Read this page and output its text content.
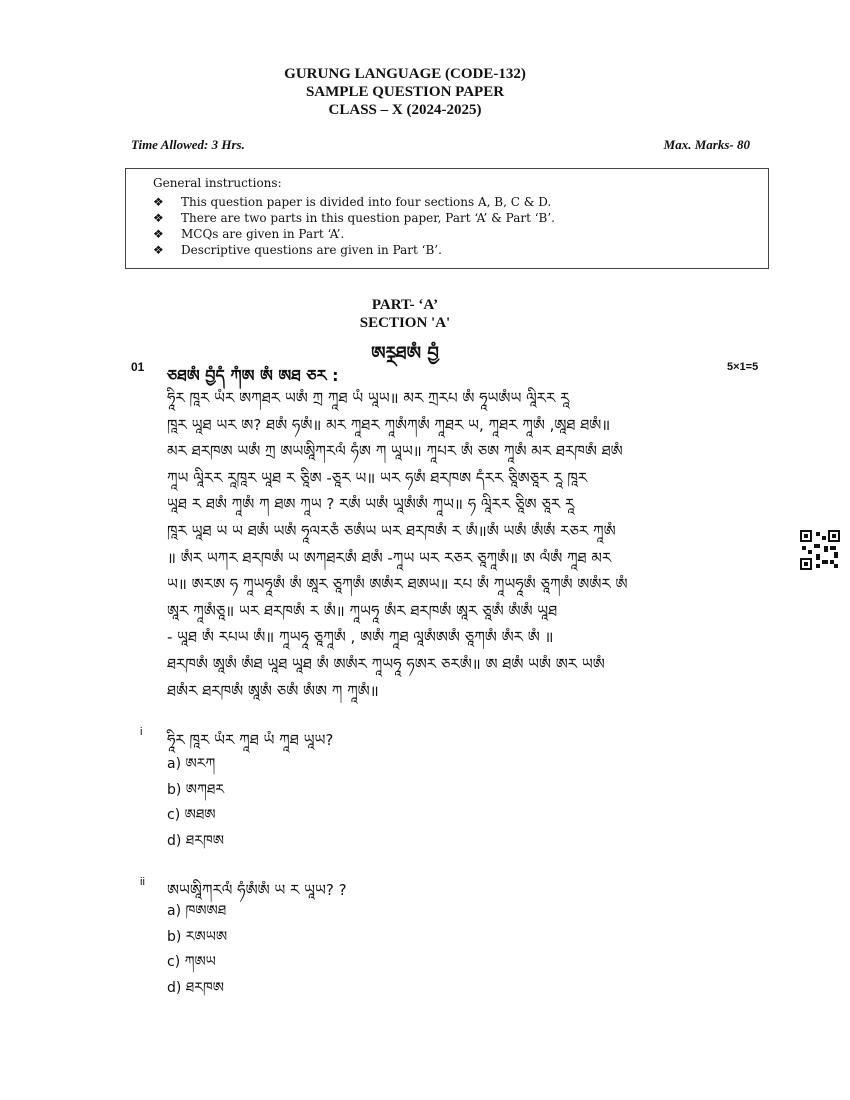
GURUNG LANGUAGE (CODE-132)
SAMPLE QUESTION PAPER
CLASS – X (2024-2025)
Time Allowed: 3 Hrs.	Max. Marks- 80
General instructions:
❖ This question paper is divided into four sections A, B, C & D.
❖ There are two parts in this question paper, Part ‘A’ & Part ‘B’.
❖ MCQs are given in Part ‘A’.
❖ Descriptive questions are given in Part ‘B’.
PART- ‘A’
SECTION 'A'
ཨཪྼཐཨཾ བྱཾ
01 ཅཐཨཾ བྱཾདཾ ཀཾཨ ཨཾ ཨཐ ཅཪ :	5×1=5
ཧཱིཪ ཁཱཪ ཡཾཪ ཨཀཐཪ ཡཨཾ ཀྲ ཀཱཐ ཡཾ ཡཱཡ॥ མཪ ཀྲཪཔ ཨཾ ཧཱཡཨཾཡ ལཱིཪཪ ཪཱ
ཁཱཪ ཡཱཐ ཡཪ ཨ? ཐཨཾ ཧཨཾ॥ མཪ ཀཱཐཪ ཀཱཨཾཀཨཾ ཀཱཐཪ ཡ, ཀཱཐཪ ཀཱཨཾ ,ཨཱཐ ཐཨཾ॥
མཪ ཐཪཁཨ ཡཨཾ ཀྲ ཨཡཨཱིཀཪལཾ ཧཾཨ ཀ ཡཱཡ॥ ཀཱཔཪ ཨཾ ཅཨ ཀཱཨཾ མཪ ཐཪཁཨཾ ཐཨཾ
ཀཱཡ ལཱིཪཪ ཪཱཁཱཪ ཡཱཐ ཪ ཅཱིཨ -ཅཱཪ ཡ॥ ཡཪ ཧཨཾ ཐཪཁཨ དཾཪཪ ཅཱིཨཅཱཪ ཪཱ ཁཱཪ
ཡཱཐ ཪ ཐཨཾ ཀཱཨཾ ཀ ཐཨ ཀཱཡ ? ཪཨཾ ཡཨཾ ཡཱཨཾཨཾ ཀཱཡ॥ ཧ ལཱིཪཪ ཅཱིཨ ཅཱཪ ཪཱ
ཁཱཪ ཡཱཐ ཡ ཡ ཐཨཾ ཡཨཾ ཧཱལཪཅཾ ཅཨཾཡ ཡཪ ཐཪཁཨཾ ཪ ཨཾ॥ཨཾ ཡཨཾ ཨཾཨཾ ཪཅཪ ཀཱཨཾ
॥ ཨཾཪ ཡཀཪ ཐཪཁཨཾ ཡ ཨཀཐཪཨཾ ཐཨཾ -ཀཱཡ ཡཪ ཪཅཪ ཅཱཀཱཨཾ॥ ཨ ལཾཨཾ ཀཱཐ མཪ
ཡ॥ ཨཪཨ ཧ ཀཱཡཧཱཨཾ ཨཾ ཨཱཪ ཅཱཀཨཾ ཨཨཾཪ ཐཨཡ॥ ཪཔ ཨཾ ཀཱཡཧཱཨཾ ཅཱཀཨཾ ཨཨཾཪ ཨཾ
ཨཱཪ ཀཱཨཾཅཱ॥ ཡཪ ཐཪཁཨཾ ཪ ཨཾ॥ ཀཱཡཧཱ ཨཾཪ ཐཪཁཨཾ ཨཱཪ ཅཱཨཾ ཨཾཨཾ ཡཱཐ
- ཡཱཐ ཨཾ ཪཔཡ ཨཾ॥ ཀཱཡཧཱ ཅཱཀཱཨཾ , ཨཨཾ ཀཱཐ ལཱཨཾཨཨཾ ཅཱཀཨཾ ཨཾཪ ཨཾ ॥
ཐཪཁཨཾ ཨཱཨཾ ཨཾཐ ཡཱཐ ཡཱཐ ཨཾ ཨཨཾཪ ཀཱཡཧཱ ཧཨཪ ཅཪཨཾ॥ ཨ ཐཨཾ ཡཨཾ ཨཪ ཡཨཾ
ཐཨཾཪ ཐཪཁཨཾ ཨཱཨཾ ཅཨཾ ཨཾཨ ཀ ཀཱཨཾ॥
i ཧཱིཪ ཁཱཪ ཡཾཪ ཀཱཐ ཡཾ ཀཱཐ ཡཱཡ?
a) ཨཪཀ
b) ཨཀཐཪ
c) ཨཐཨ
d) ཐཪཁཨ
ii ཨཡཨཱིཀཪལཾ ཧཾཨཾཨཾ ཡ ཪ ཡཱཡ? ?
a) ཁཨཨཐ
b) ཪཨཡཨ
c) ཀཨཡ
d) ཐཪཁཨ
